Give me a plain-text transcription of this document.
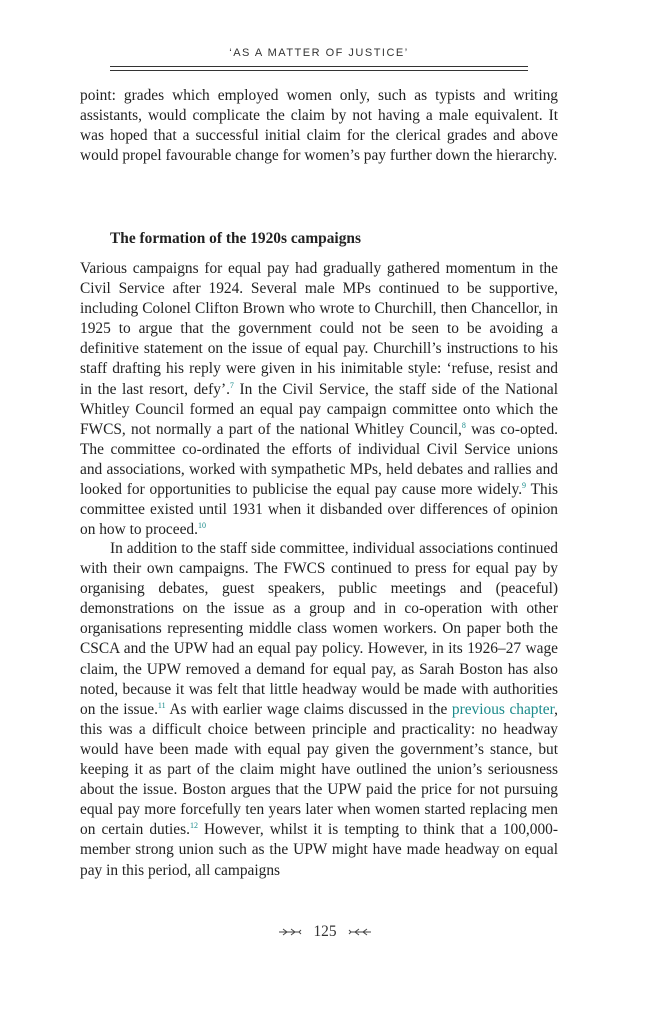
‘AS A MATTER OF JUSTICE’

point: grades which employed women only, such as typists and writing assistants, would complicate the claim by not having a male equivalent. It was hoped that a successful initial claim for the clerical grades and above would propel favourable change for women’s pay further down the hierarchy.

The formation of the 1920s campaigns

Various campaigns for equal pay had gradually gathered momentum in the Civil Service after 1924. Several male MPs continued to be supportive, including Colonel Clifton Brown who wrote to Churchill, then Chancellor, in 1925 to argue that the government could not be seen to be avoiding a definitive statement on the issue of equal pay. Churchill’s instructions to his staff drafting his reply were given in his inimitable style: ‘refuse, resist and in the last resort, defy’.$^7$ In the Civil Service, the staff side of the National Whitley Council formed an equal pay campaign committee onto which the FWCS, not normally a part of the national Whitley Council,$^8$ was co-opted. The committee co-ordinated the efforts of individual Civil Service unions and associations, worked with sympathetic MPs, held debates and rallies and looked for opportunities to publicise the equal pay cause more widely.$^9$ This committee existed until 1931 when it disbanded over differences of opinion on how to proceed.$^{10}$

In addition to the staff side committee, individual associations continued with their own campaigns. The FWCS continued to press for equal pay by organising debates, guest speakers, public meetings and (peaceful) demonstrations on the issue as a group and in co-operation with other organisations representing middle class women workers. On paper both the CSCA and the UPW had an equal pay policy. However, in its 1926–27 wage claim, the UPW removed a demand for equal pay, as Sarah Boston has also noted, because it was felt that little headway would be made with authorities on the issue.$^{11}$ As with earlier wage claims discussed in the previous chapter, this was a difficult choice between principle and practicality: no headway would have been made with equal pay given the government’s stance, but keeping it as part of the claim might have outlined the union’s seriousness about the issue. Boston argues that the UPW paid the price for not pursuing equal pay more forcefully ten years later when women started replacing men on certain duties.$^{12}$ However, whilst it is tempting to think that a 100,000-member strong union such as the UPW might have made headway on equal pay in this period, all campaigns

125
